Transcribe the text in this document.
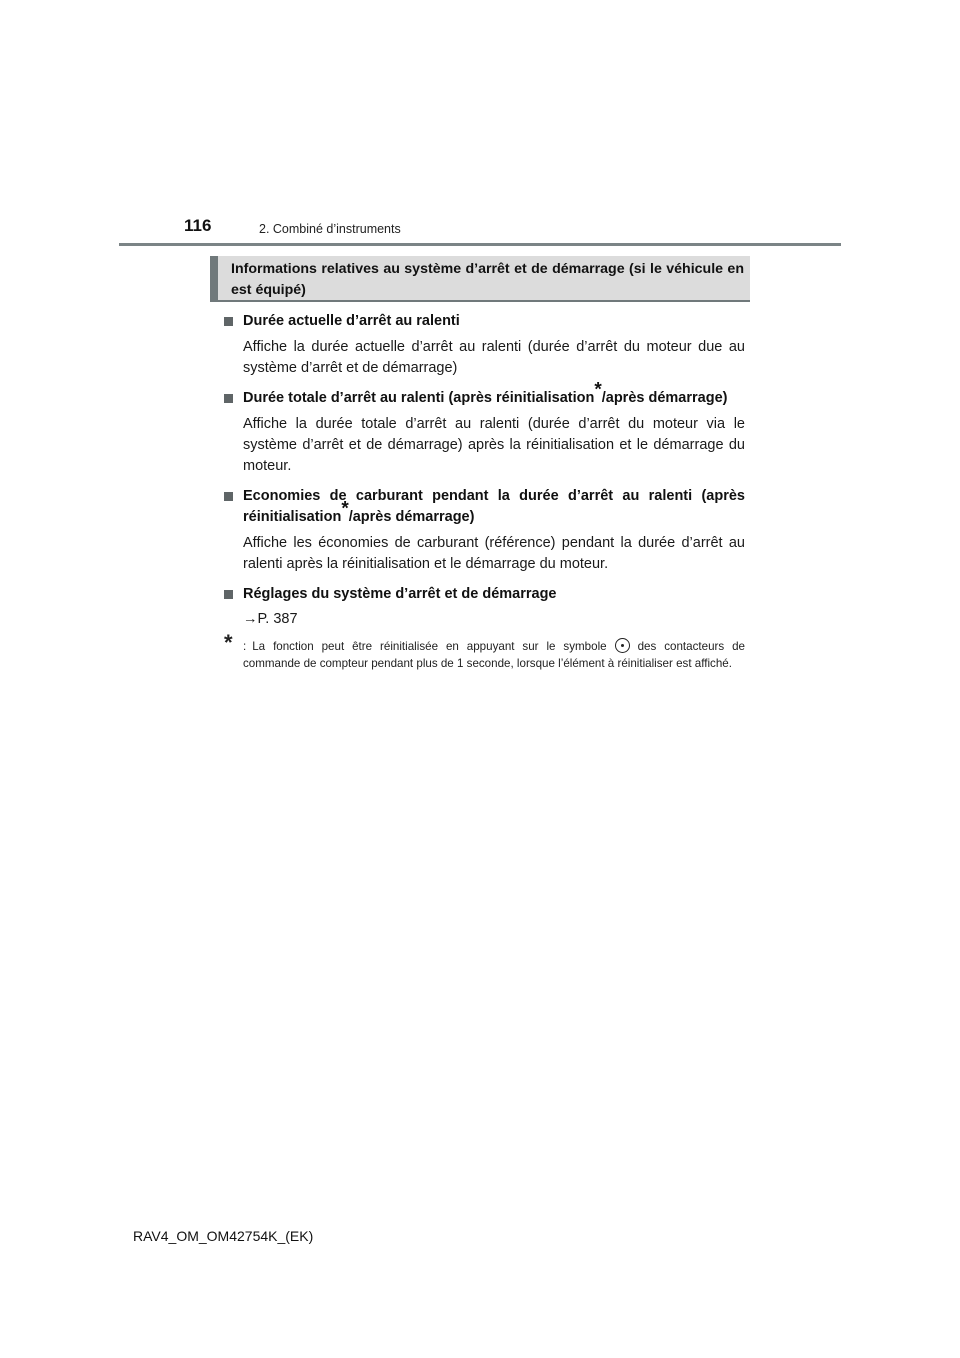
116	2. Combiné d’instruments
Informations relatives au système d’arrêt et de démarrage (si le véhicule en est équipé)
Durée actuelle d’arrêt au ralenti
Affiche la durée actuelle d’arrêt au ralenti (durée d’arrêt du moteur due au système d’arrêt et de démarrage)
Durée totale d’arrêt au ralenti (après réinitialisation*/après démarrage)
Affiche la durée totale d’arrêt au ralenti (durée d’arrêt du moteur via le système d’arrêt et de démarrage) après la réinitialisation et le démarrage du moteur.
Economies de carburant pendant la durée d’arrêt au ralenti (après réinitialisation*/après démarrage)
Affiche les économies de carburant (référence) pendant la durée d’arrêt au ralenti après la réinitialisation et le démarrage du moteur.
Réglages du système d’arrêt et de démarrage
→P. 387
* : La fonction peut être réinitialisée en appuyant sur le symbole	des contacteurs de commande de compteur pendant plus de 1 seconde, lorsque l’élément à réinitialiser est affiché.
RAV4_OM_OM42754K_(EK)
